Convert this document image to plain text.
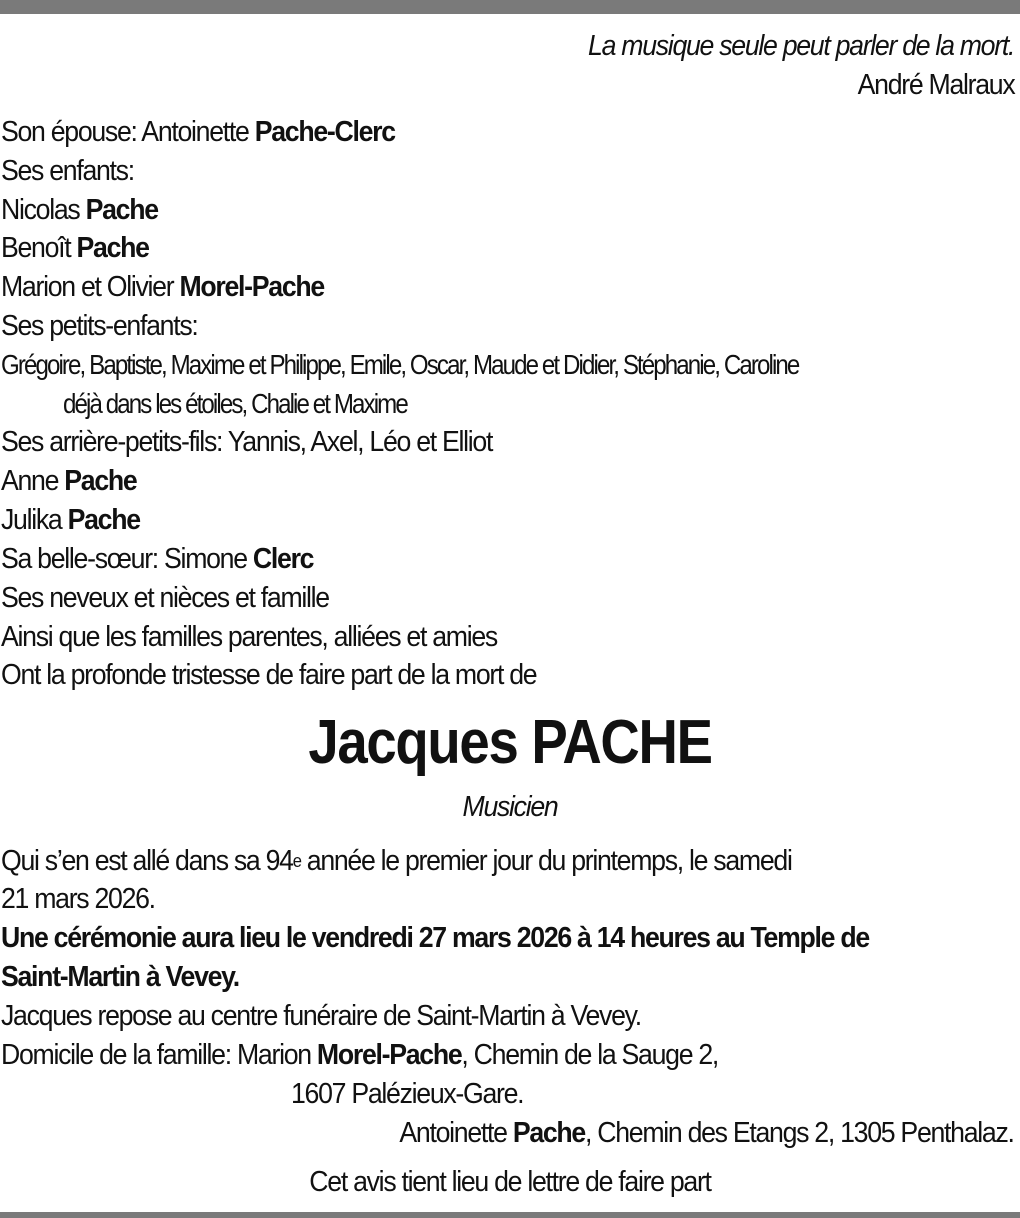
La musique seule peut parler de la mort.
André Malraux
Son épouse: Antoinette Pache-Clerc
Ses enfants:
Nicolas Pache
Benoît Pache
Marion et Olivier Morel-Pache
Ses petits-enfants:
Grégoire, Baptiste, Maxime et Philippe, Emile, Oscar, Maude et Didier, Stéphanie, Caroline
déjà dans les étoiles, Chalie et Maxime
Ses arrière-petits-fils: Yannis, Axel, Léo et Elliot
Anne Pache
Julika Pache
Sa belle-sœur: Simone Clerc
Ses neveux et nièces et famille
Ainsi que les familles parentes, alliées et amies
Ont la profonde tristesse de faire part de la mort de
Jacques PACHE
Musicien
Qui s’en est allé dans sa 94e année le premier jour du printemps, le samedi
21 mars 2026.
Une cérémonie aura lieu le vendredi 27 mars 2026 à 14 heures au Temple de
Saint-Martin à Vevey.
Jacques repose au centre funéraire de Saint-Martin à Vevey.
Domicile de la famille: Marion Morel-Pache, Chemin de la Sauge 2,
1607 Palézieux-Gare.
Antoinette Pache, Chemin des Etangs 2, 1305 Penthalaz.
Cet avis tient lieu de lettre de faire part
